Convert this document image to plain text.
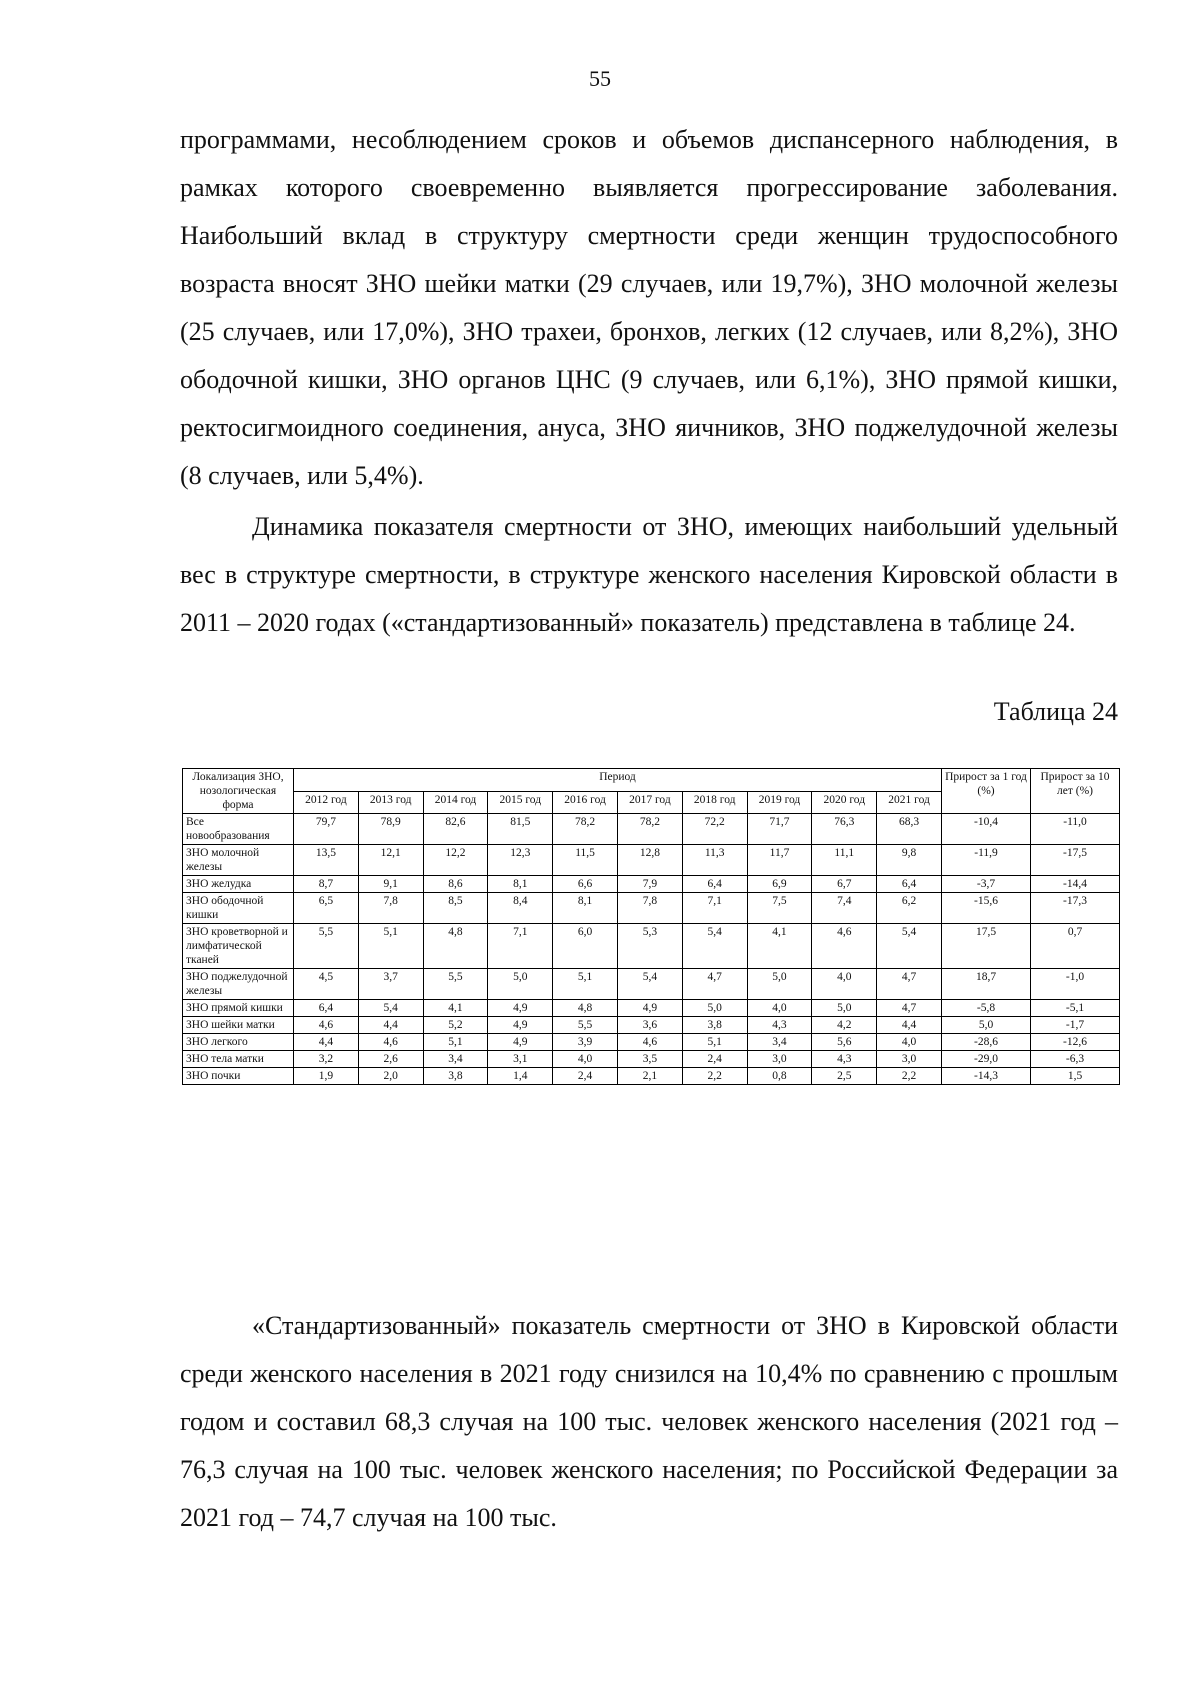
55

программами, несоблюдением сроков и объемов диспансерного наблюдения, в рамках которого своевременно выявляется прогрессирование заболевания. Наибольший вклад в структуру смертности среди женщин трудоспособного возраста вносят ЗНО шейки матки (29 случаев, или 19,7%), ЗНО молочной железы (25 случаев, или 17,0%), ЗНО трахеи, бронхов, легких (12 случаев, или 8,2%), ЗНО ободочной кишки, ЗНО органов ЦНС (9 случаев, или 6,1%), ЗНО прямой кишки, ректосигмоидного соединения, ануса, ЗНО яичников, ЗНО поджелудочной железы (8 случаев, или 5,4%).

Динамика показателя смертности от ЗНО, имеющих наибольший удельный вес в структуре смертности, в структуре женского населения Кировской области в 2011 – 2020 годах («стандартизованный» показатель) представлена в таблице 24.

Таблица 24
Локализация ЗНО, нозологическая форма	Период										Прирост за 1 год (%)	Прирост за 10 лет (%)
	2012 год	2013 год	2014 год	2015 год	2016 год	2017 год	2018 год	2019 год	2020 год	2021 год		
Все новообразования	79,7	78,9	82,6	81,5	78,2	78,2	72,2	71,7	76,3	68,3	-10,4	-11,0
ЗНО молочной железы	13,5	12,1	12,2	12,3	11,5	12,8	11,3	11,7	11,1	9,8	-11,9	-17,5
ЗНО желудка	8,7	9,1	8,6	8,1	6,6	7,9	6,4	6,9	6,7	6,4	-3,7	-14,4
ЗНО ободочной кишки	6,5	7,8	8,5	8,4	8,1	7,8	7,1	7,5	7,4	6,2	-15,6	-17,3
ЗНО кроветворной и лимфатической тканей	5,5	5,1	4,8	7,1	6,0	5,3	5,4	4,1	4,6	5,4	17,5	0,7
ЗНО поджелудочной железы	4,5	3,7	5,5	5,0	5,1	5,4	4,7	5,0	4,0	4,7	18,7	-1,0
ЗНО прямой кишки	6,4	5,4	4,1	4,9	4,8	4,9	5,0	4,0	5,0	4,7	-5,8	-5,1
ЗНО шейки матки	4,6	4,4	5,2	4,9	5,5	3,6	3,8	4,3	4,2	4,4	5,0	-1,7
ЗНО легкого	4,4	4,6	5,1	4,9	3,9	4,6	5,1	3,4	5,6	4,0	-28,6	-12,6
ЗНО тела матки	3,2	2,6	3,4	3,1	4,0	3,5	2,4	3,0	4,3	3,0	-29,0	-6,3
ЗНО почки	1,9	2,0	3,8	1,4	2,4	2,1	2,2	0,8	2,5	2,2	-14,3	1,5

«Стандартизованный» показатель смертности от ЗНО в Кировской области среди женского населения в 2021 году снизился на 10,4% по сравнению с прошлым годом и составил 68,3 случая на 100 тыс. человек женского населения (2021 год – 76,3 случая на 100 тыс. человек женского населения; по Российской Федерации за 2021 год – 74,7 случая на 100 тыс.
